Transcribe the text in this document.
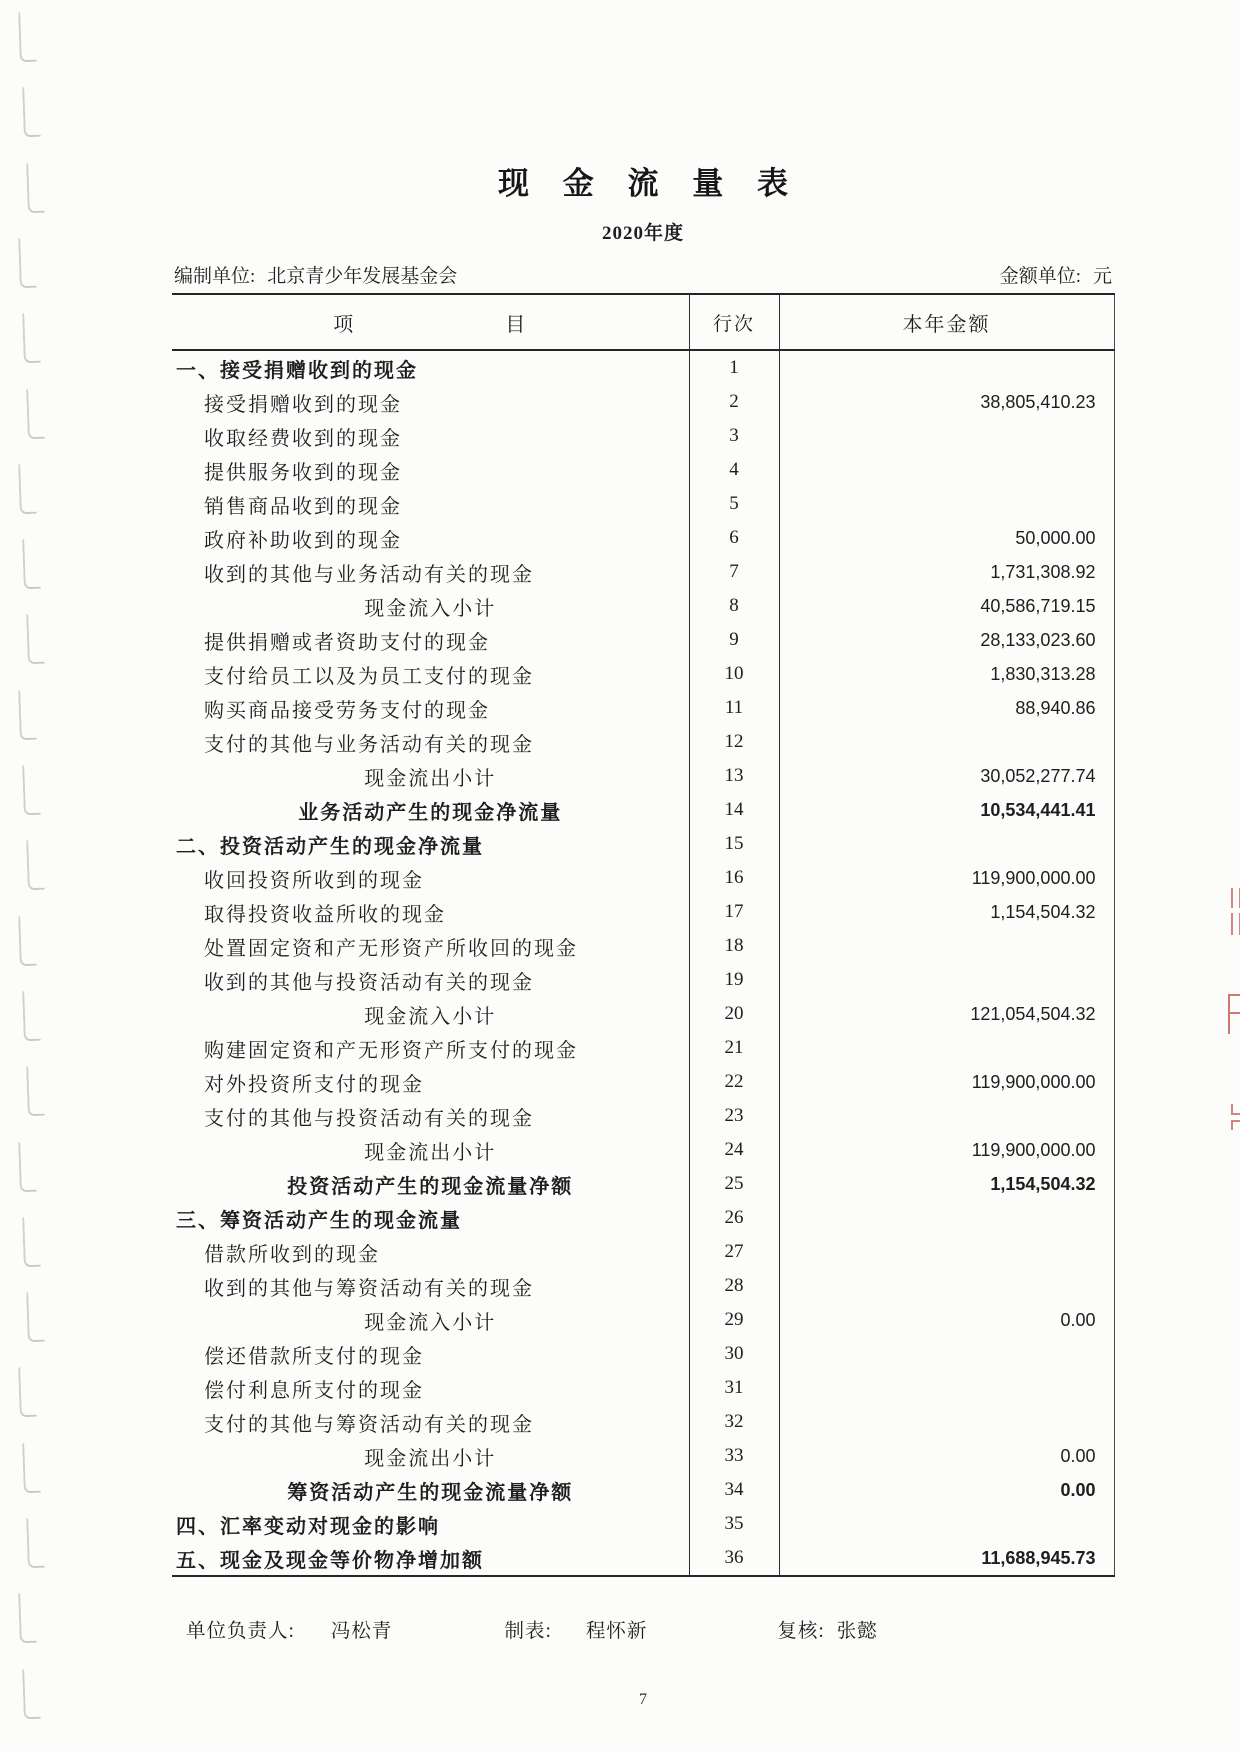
现 金 流 量 表
2020年度
编制单位: 北京青少年发展基金会	金额单位: 元
项 目	行次	本年金额
一、接受捐赠收到的现金	1	
接受捐赠收到的现金	2	38,805,410.23
收取经费收到的现金	3	
提供服务收到的现金	4	
销售商品收到的现金	5	
政府补助收到的现金	6	50,000.00
收到的其他与业务活动有关的现金	7	1,731,308.92
现金流入小计	8	40,586,719.15
提供捐赠或者资助支付的现金	9	28,133,023.60
支付给员工以及为员工支付的现金	10	1,830,313.28
购买商品接受劳务支付的现金	11	88,940.86
支付的其他与业务活动有关的现金	12	
现金流出小计	13	30,052,277.74
业务活动产生的现金净流量	14	10,534,441.41
二、投资活动产生的现金净流量	15	
收回投资所收到的现金	16	119,900,000.00
取得投资收益所收的现金	17	1,154,504.32
处置固定资和产无形资产所收回的现金	18	
收到的其他与投资活动有关的现金	19	
现金流入小计	20	121,054,504.32
购建固定资和产无形资产所支付的现金	21	
对外投资所支付的现金	22	119,900,000.00
支付的其他与投资活动有关的现金	23	
现金流出小计	24	119,900,000.00
投资活动产生的现金流量净额	25	1,154,504.32
三、筹资活动产生的现金流量	26	
借款所收到的现金	27	
收到的其他与筹资活动有关的现金	28	
现金流入小计	29	0.00
偿还借款所支付的现金	30	
偿付利息所支付的现金	31	
支付的其他与筹资活动有关的现金	32	
现金流出小计	33	0.00
筹资活动产生的现金流量净额	34	0.00
四、汇率变动对现金的影响	35	
五、现金及现金等价物净增加额	36	11,688,945.73
单位负责人: 冯松青	制表: 程怀新	复核: 张懿
7
